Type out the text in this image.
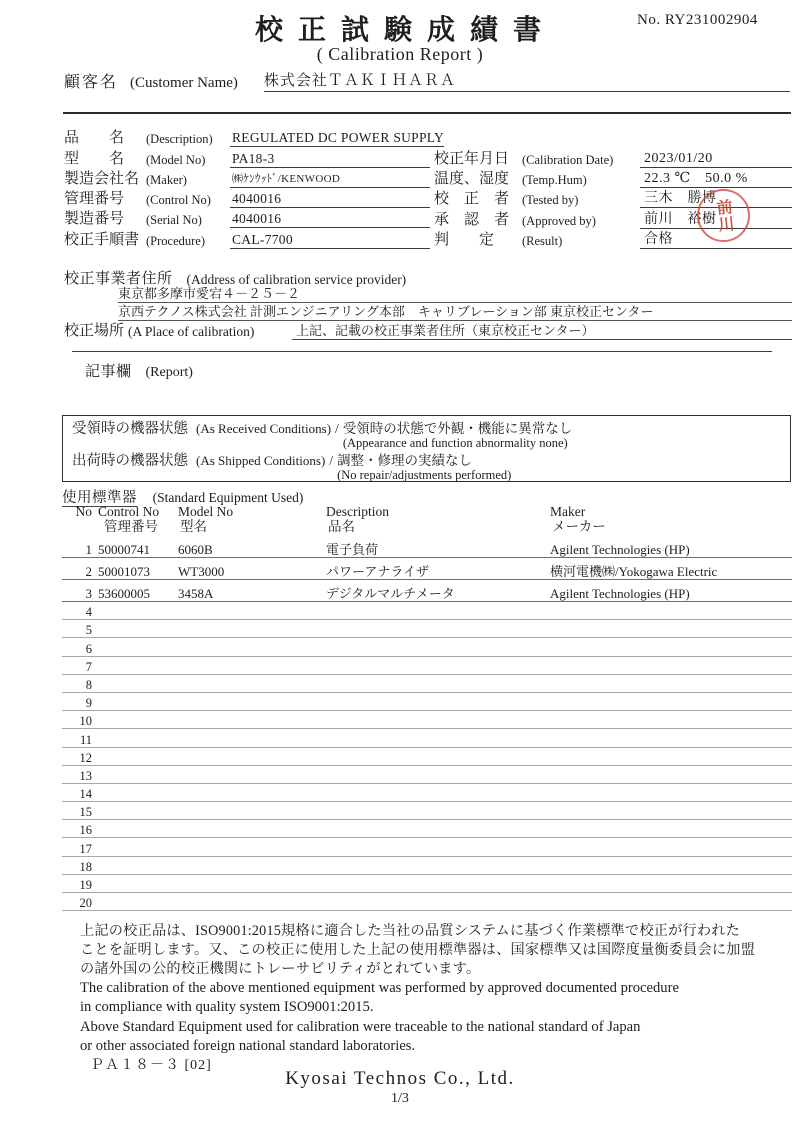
No. RY231002904
校 正 試 験 成 績 書
( Calibration Report )
顧客名 (Customer Name) 株式会社ＴＡＫＩＨＡＲＡ
品　　名	(Description)	REGULATED DC POWER SUPPLY
型　　名	(Model No)	PA18-3
製造会社名 (Maker)	㈱ｹﾝｳｯﾄﾞ/KENWOOD
管理番号	(Control No)	4040016
製造番号	(Serial No)	4040016
校正手順書 (Procedure)	CAL-7700
校正年月日	(Calibration Date)	2023/01/20
温度、湿度	(Temp.Hum)	22.3 ℃　50.0 %
校　正　者	(Tested by)	三木　勝博
承　認　者	(Approved by)	前川　裕樹
判　　定	(Result)	合格
前川
校正事業者住所 (Address of calibration service provider)
東京都多摩市愛宕４－２５－２
京西テクノス株式会社 計測エンジニアリング本部　キャリブレーション部 東京校正センター
校正場所 (A Place of calibration)	上記、記載の校正事業者住所（東京校正センター）
記事欄 (Report)
受領時の機器状態 (As Received Conditions) / 受領時の状態で外観・機能に異常なし
(Appearance and function abnormality none)
出荷時の機器状態 (As Shipped Conditions) / 調整・修理の実績なし
(No repair/adjustments performed)
使用標準器 (Standard Equipment Used)
No Control No	Model No	Description	Maker
管理番号	型名	品名	メーカー
1 50000741	6060B	電子負荷	Agilent Technologies (HP)
2 50001073	WT3000	パワーアナライザ	横河電機㈱/Yokogawa Electric
3 53600005	3458A	デジタルマルチメータ	Agilent Technologies (HP)
4
5
6
7
8
9
10
11
12
13
14
15
16
17
18
19
20
上記の校正品は、ISO9001:2015規格に適合した当社の品質システムに基づく作業標準で校正が行われた
ことを証明します。又、この校正に使用した上記の使用標準器は、国家標準又は国際度量衡委員会に加盟
の諸外国の公的校正機関にトレーサビリティがとれています。
The calibration of the above mentioned equipment was performed by approved documented procedure
in compliance with quality system ISO9001:2015.
Above Standard Equipment used for calibration were traceable to the national standard of Japan
or other associated foreign national standard laboratories.
ＰＡ１８－３ [02]
Kyosai Technos Co., Ltd.
1/3
